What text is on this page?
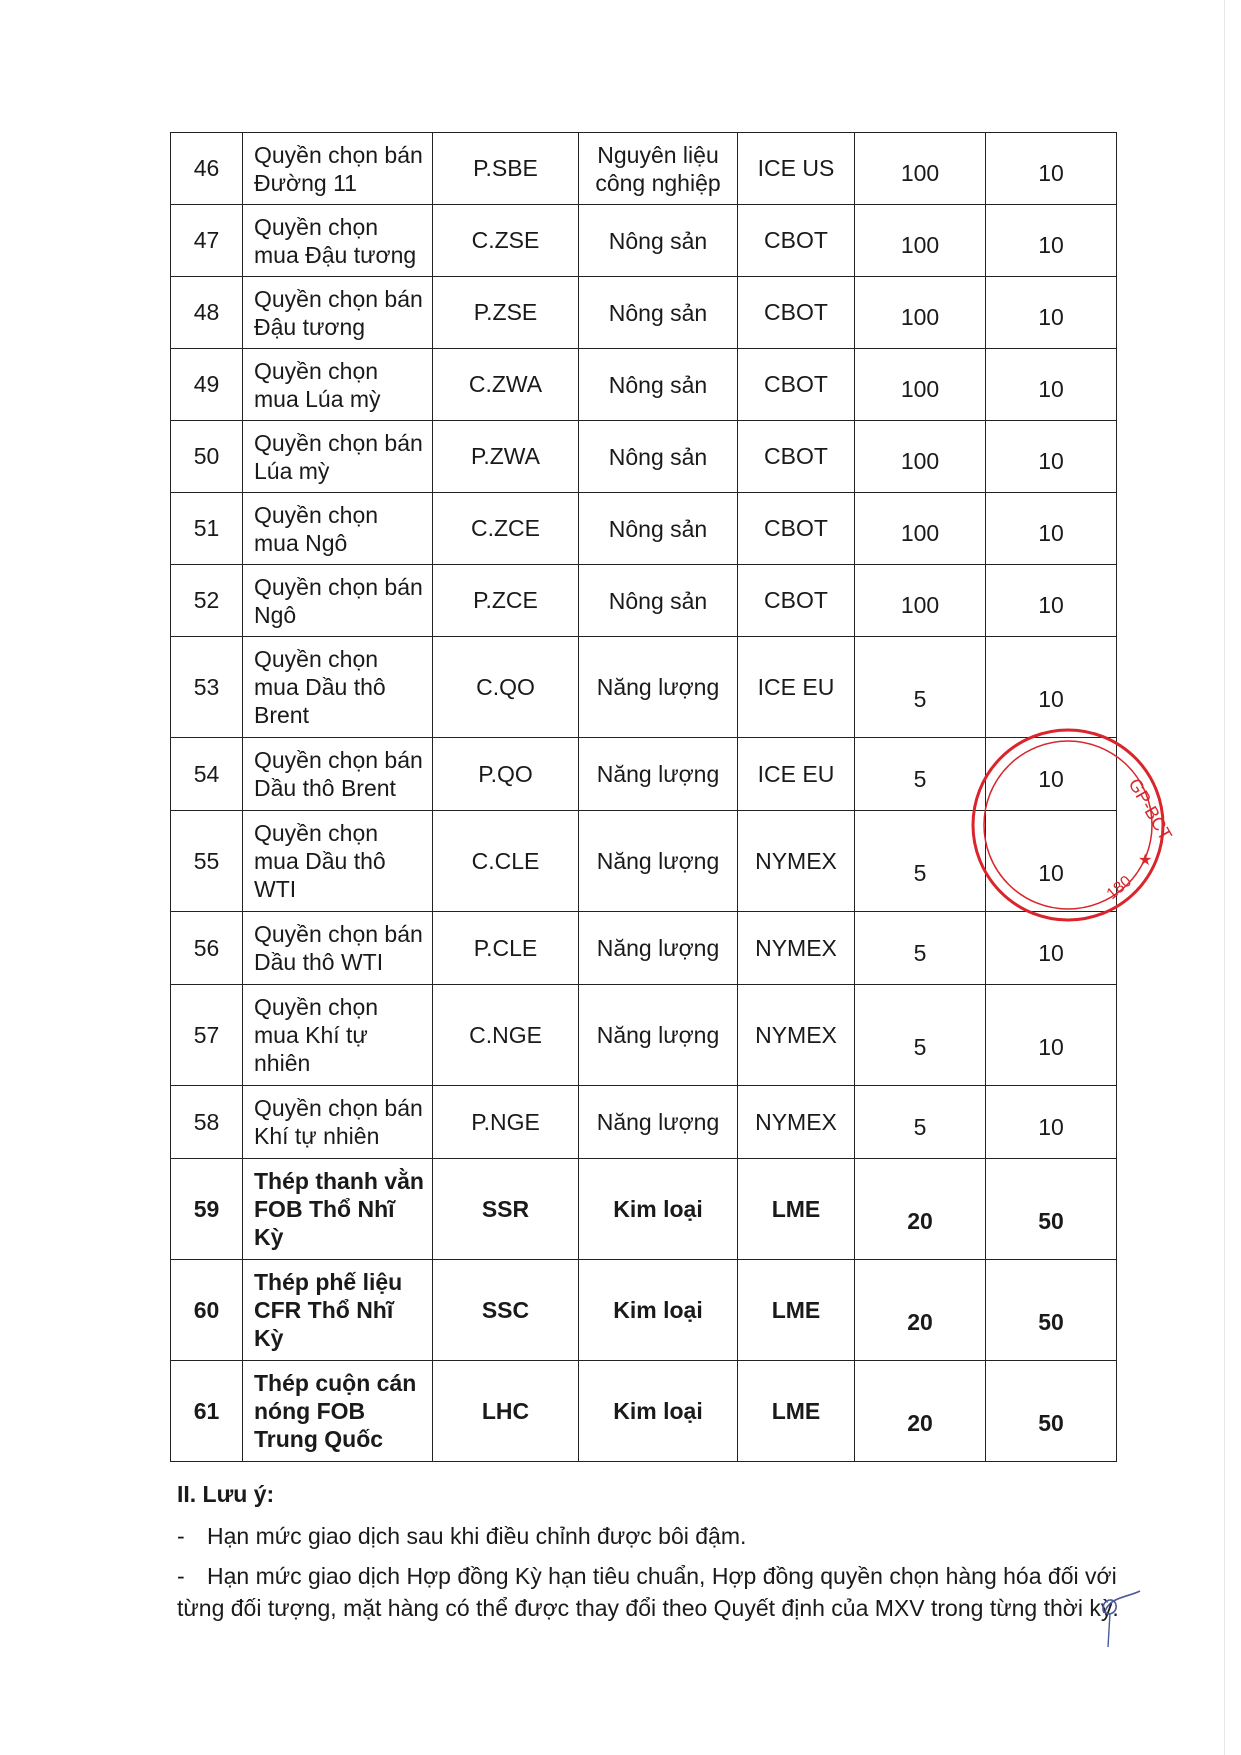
46	Quyền chọn bán
Đường 11	P.SBE	Nguyên liệu
công nghiệp	ICE US	100	10

47	Quyền chọn
mua Đậu tương	C.ZSE	Nông sản	CBOT	100	10

48	Quyền chọn bán
Đậu tương	P.ZSE	Nông sản	CBOT	100	10

49	Quyền chọn
mua Lúa mỳ	C.ZWA	Nông sản	CBOT	100	10

50	Quyền chọn bán
Lúa mỳ	P.ZWA	Nông sản	CBOT	100	10

51	Quyền chọn
mua Ngô	C.ZCE	Nông sản	CBOT	100	10

52	Quyền chọn bán
Ngô	P.ZCE	Nông sản	CBOT	100	10

53	Quyền chọn
mua Dầu thô
Brent	C.QO	Năng lượng	ICE EU	5	10

54	Quyền chọn bán
Dầu thô Brent	P.QO	Năng lượng	ICE EU	5	10

55	Quyền chọn
mua Dầu thô
WTI	C.CLE	Năng lượng	NYMEX	5	10

56	Quyền chọn bán
Dầu thô WTI	P.CLE	Năng lượng	NYMEX	5	10

57	Quyền chọn
mua Khí tự
nhiên	C.NGE	Năng lượng	NYMEX	5	10

58	Quyền chọn bán
Khí tự nhiên	P.NGE	Năng lượng	NYMEX	5	10

59	Thép thanh vằn
FOB Thổ Nhĩ
Kỳ	SSR	Kim loại	LME	20	50

60	Thép phế liệu
CFR Thổ Nhĩ
Kỳ	SSC	Kim loại	LME	20	50

61	Thép cuộn cán
nóng FOB
Trung Quốc	LHC	Kim loại	LME	20	50
II. Lưu ý:
- Hạn mức giao dịch sau khi điều chỉnh được bôi đậm.
- Hạn mức giao dịch Hợp đồng Kỳ hạn tiêu chuẩn, Hợp đồng quyền chọn hàng hóa đối với
từng đối tượng, mặt hàng có thể được thay đổi theo Quyết định của MXV trong từng thời kỳ.
GP-BCT
★
180
